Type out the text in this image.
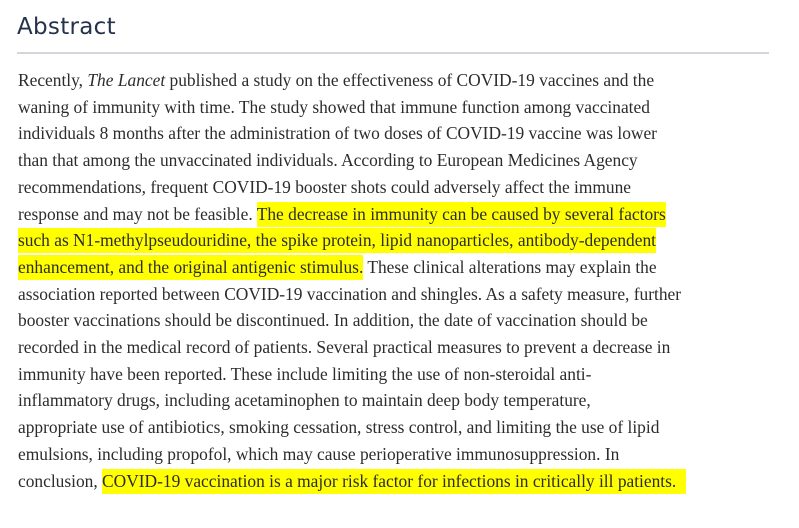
Abstract

Recently, The Lancet published a study on the effectiveness of COVID-19 vaccines and the
waning of immunity with time. The study showed that immune function among vaccinated
individuals 8 months after the administration of two doses of COVID-19 vaccine was lower
than that among the unvaccinated individuals. According to European Medicines Agency
recommendations, frequent COVID-19 booster shots could adversely affect the immune
response and may not be feasible. The decrease in immunity can be caused by several factors
such as N1-methylpseudouridine, the spike protein, lipid nanoparticles, antibody-dependent
enhancement, and the original antigenic stimulus. These clinical alterations may explain the
association reported between COVID-19 vaccination and shingles. As a safety measure, further
booster vaccinations should be discontinued. In addition, the date of vaccination should be
recorded in the medical record of patients. Several practical measures to prevent a decrease in
immunity have been reported. These include limiting the use of non-steroidal anti-
inflammatory drugs, including acetaminophen to maintain deep body temperature,
appropriate use of antibiotics, smoking cessation, stress control, and limiting the use of lipid
emulsions, including propofol, which may cause perioperative immunosuppression. In
conclusion, COVID-19 vaccination is a major risk factor for infections in critically ill patients.
